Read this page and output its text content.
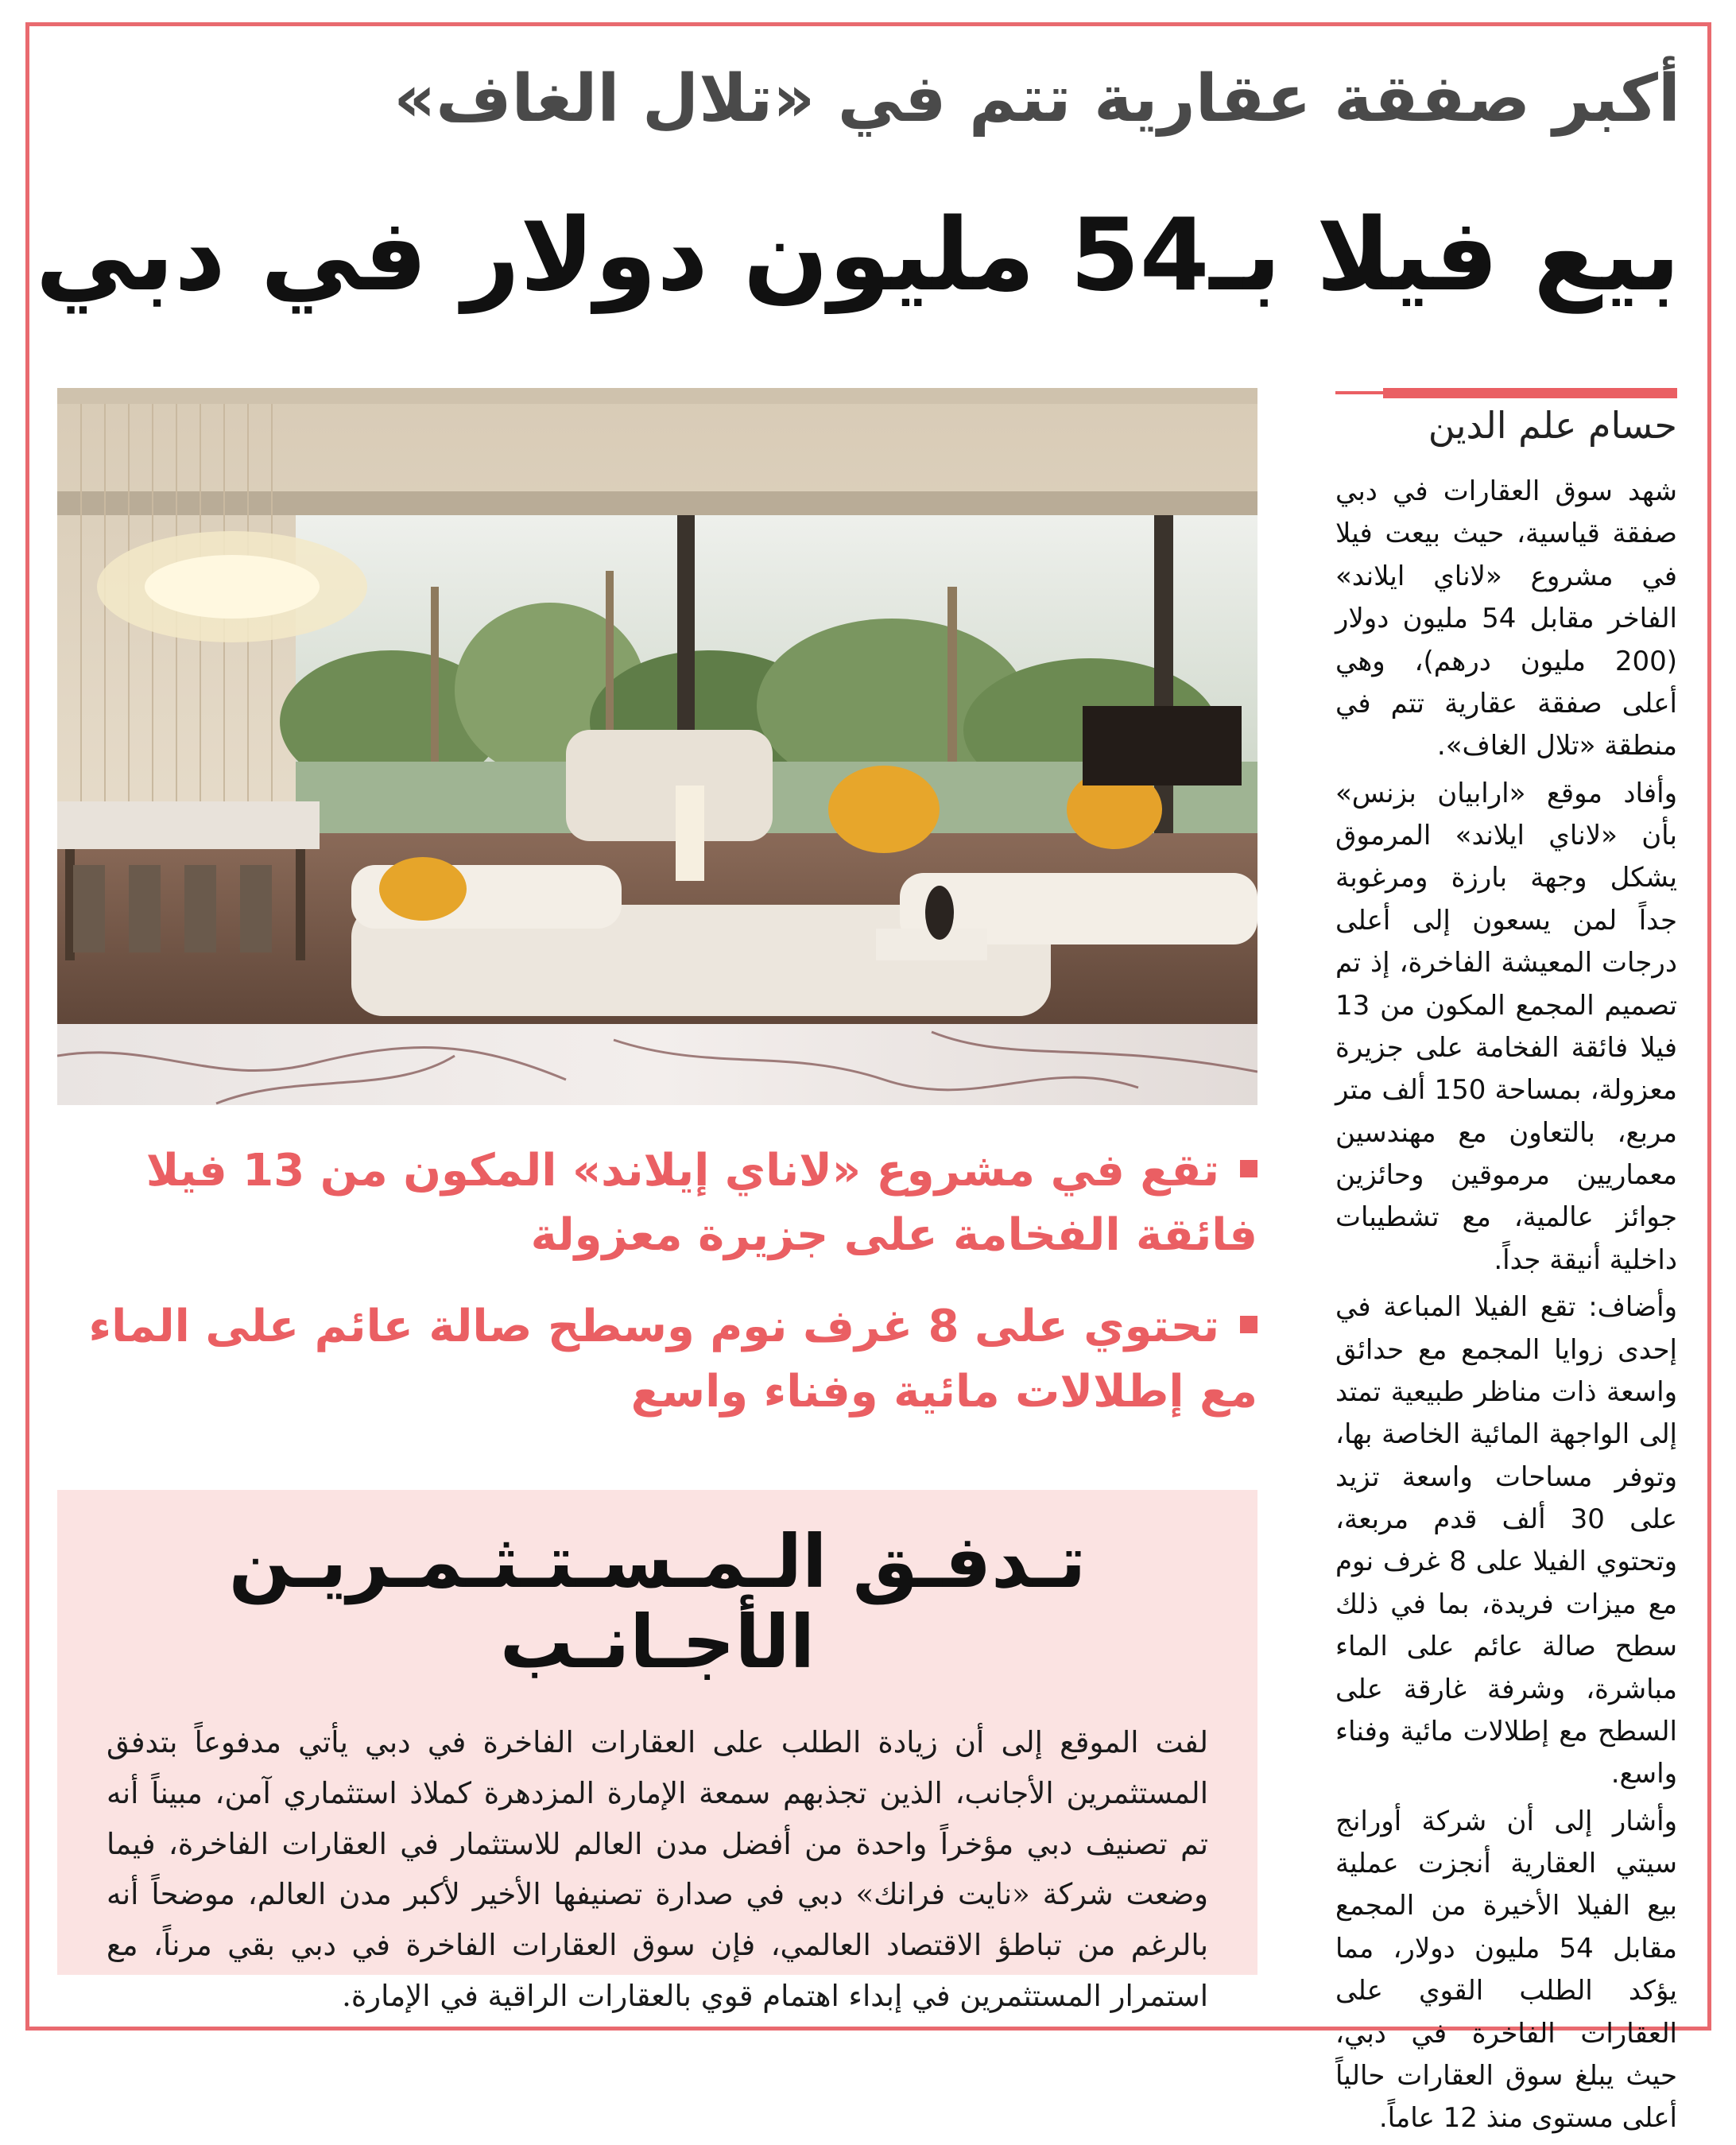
أكبر صفقة عقارية تتم في «تلال الغاف»
بيع فيلا بـ54 مليون دولار في دبي
تقع في مشروع «لاناي إيلاند» المكون من 13 فيلا فائقة الفخامة على جزيرة معزولة
تحتوي على 8 غرف نوم وسطح صالة عائم على الماء مع إطلالات مائية وفناء واسع
تـدفـق الـمـسـتـثـمـريـن الأجـانـب
لفت الموقع إلى أن زيادة الطلب على العقارات الفاخرة في دبي يأتي مدفوعاً بتدفق المستثمرين الأجانب، الذين تجذبهم سمعة الإمارة المزدهرة كملاذ استثماري آمن، مبيناً أنه تم تصنيف دبي مؤخراً واحدة من أفضل مدن العالم للاستثمار في العقارات الفاخرة، فيما وضعت شركة «نايت فرانك» دبي في صدارة تصنيفها الأخير لأكبر مدن العالم، موضحاً أنه بالرغم من تباطؤ الاقتصاد العالمي، فإن سوق العقارات الفاخرة في دبي بقي مرناً، مع استمرار المستثمرين في إبداء اهتمام قوي بالعقارات الراقية في الإمارة.
حسام علم الدين

شهد سوق العقارات في دبي صفقة قياسية، حيث بيعت فيلا في مشروع «لاناي ايلاند» الفاخر مقابل 54 مليون دولار (200 مليون درهم)، وهي أعلى صفقة عقارية تتم في منطقة «تلال الغاف».

وأفاد موقع «ارابيان بزنس» بأن «لاناي ايلاند» المرموق يشكل وجهة بارزة ومرغوبة جداً لمن يسعون إلى أعلى درجات المعيشة الفاخرة، إذ تم تصميم المجمع المكون من 13 فيلا فائقة الفخامة على جزيرة معزولة، بمساحة 150 ألف متر مربع، بالتعاون مع مهندسين معماريين مرموقين وحائزين جوائز عالمية، مع تشطيبات داخلية أنيقة جداً.

وأضاف: تقع الفيلا المباعة في إحدى زوايا المجمع مع حدائق واسعة ذات مناظر طبيعية تمتد إلى الواجهة المائية الخاصة بها، وتوفر مساحات واسعة تزيد على 30 ألف قدم مربعة، وتحتوي الفيلا على 8 غرف نوم مع ميزات فريدة، بما في ذلك سطح صالة عائم على الماء مباشرة، وشرفة غارقة على السطح مع إطلالات مائية وفناء واسع.

وأشار إلى أن شركة أورانج سيتي العقارية أنجزت عملية بيع الفيلا الأخيرة من المجمع مقابل 54 مليون دولار، مما يؤكد الطلب القوي على العقارات الفاخرة في دبي، حيث يبلغ سوق العقارات حالياً أعلى مستوى منذ 12 عاماً.
